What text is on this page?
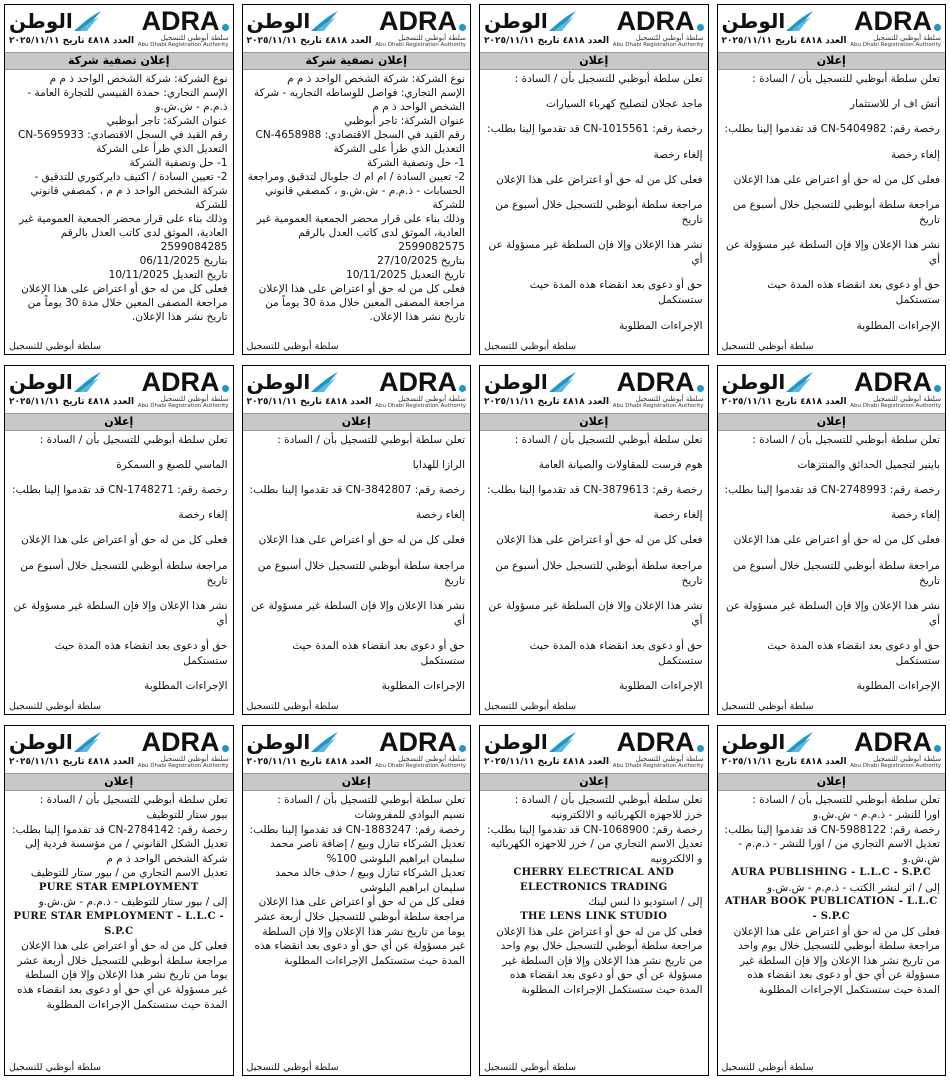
الوطن
العدد ٤٨١٨ تاريخ ٢٠٢٥/١١/١١
ADRA
سلطة أبوظبي للتسجيل
Abu Dhabi Registration Authority
إعلان تصفية شركة

نوع الشركة: شركة الشخص الواحد ذ م م

الإسم التجاري: حمدة القبيسي للتجارة العامة - ذ.م.م - ش.ش.و

عنوان الشركة: تاجر أبوظبي

رقم القيد في السجل الاقتصادي: CN-5695933

التعديل الذي طرأ على الشركة

1- حل وتصفية الشركة

2- تعيين السادة / اكتيف دايركتوري للتدقيق - شركة الشخص الواحد ذ م م ، كمصفي قانوني للشركة

وذلك بناء على قرار محضر الجمعية العمومية غير العادية، الموثق لدى كاتب العدل بالرقم 2599084285

بتاريخ 06/11/2025

تاريخ التعديل 10/11/2025

فعلى كل من له حق أو اعتراض على هذا الإعلان مراجعة المصفى المعين خلال مدة 30 يوماً من تاريخ نشر هذا الإعلان.

سلطة أبوظبي للتسجيل
الوطن
العدد ٤٨١٨ تاريخ ٢٠٢٥/١١/١١
ADRA
سلطة أبوظبي للتسجيل
Abu Dhabi Registration Authority
إعلان تصفية شركة

نوع الشركة: شركة الشخص الواحد ذ م م

الإسم التجاري: فواصل للوساطه التجاريه - شركة الشخص الواحد ذ م م

عنوان الشركة: تاجر أبوظبي

رقم القيد في السجل الاقتصادي: CN-4658988

التعديل الذي طرأ على الشركة

1- حل وتصفية الشركة

2- تعيين السادة / ام ام ك جلوبال لتدقيق ومراجعة الحسابات - ذ.م.م - ش.ش.و ، كمصفي قانوني للشركة

وذلك بناء على قرار محضر الجمعية العمومية غير العادية، الموثق لدى كاتب العدل بالرقم 2599082575

بتاريخ 27/10/2025

تاريخ التعديل 10/11/2025

فعلى كل من له حق أو اعتراض على هذا الإعلان مراجعة المصفى المعين خلال مدة 30 يوماً من تاريخ نشر هذا الإعلان.

سلطة أبوظبي للتسجيل
الوطن
العدد ٤٨١٨ تاريخ ٢٠٢٥/١١/١١
ADRA
سلطة أبوظبي للتسجيل
Abu Dhabi Registration Authority
إعلان

تعلن سلطة أبوظبي للتسجيل بأن / السادة :

ماجد عجلان لتصليح كهرباء السيارات

رخصة رقم: CN-1015561 قد تقدموا إلينا بطلب:

إلغاء رخصة

فعلى كل من له حق أو اعتراض على هذا الإعلان

مراجعة سلطة أبوظبي للتسجيل خلال أسبوع من تاريخ

نشر هذا الإعلان وإلا فإن السلطة غير مسؤولة عن أي

حق أو دعوى بعد انقضاء هذه المدة حيث ستستكمل

الإجراءات المطلوبة

سلطة أبوظبي للتسجيل
الوطن
العدد ٤٨١٨ تاريخ ٢٠٢٥/١١/١١
ADRA
سلطة أبوظبي للتسجيل
Abu Dhabi Registration Authority
إعلان

تعلن سلطة أبوظبي للتسجيل بأن / السادة :

أتش اف ار للاستثمار

رخصة رقم: CN-5404982 قد تقدموا إلينا بطلب:

إلغاء رخصة

فعلى كل من له حق أو اعتراض على هذا الإعلان

مراجعة سلطة أبوظبي للتسجيل خلال أسبوع من تاريخ

نشر هذا الإعلان وإلا فإن السلطة غير مسؤولة عن أي

حق أو دعوى بعد انقضاء هذه المدة حيث ستستكمل

الإجراءات المطلوبة

سلطة أبوظبي للتسجيل
الوطن
العدد ٤٨١٨ تاريخ ٢٠٢٥/١١/١١
ADRA
سلطة أبوظبي للتسجيل
Abu Dhabi Registration Authority
إعلان

تعلن سلطة أبوظبي للتسجيل بأن / السادة :

الماسي للصبغ و السمكرة

رخصة رقم: CN-1748271 قد تقدموا إلينا بطلب:

إلغاء رخصة

فعلى كل من له حق أو اعتراض على هذا الإعلان

مراجعة سلطة أبوظبي للتسجيل خلال أسبوع من تاريخ

نشر هذا الإعلان وإلا فإن السلطة غير مسؤولة عن أي

حق أو دعوى بعد انقضاء هذه المدة حيث ستستكمل

الإجراءات المطلوبة

سلطة أبوظبي للتسجيل
الوطن
العدد ٤٨١٨ تاريخ ٢٠٢٥/١١/١١
ADRA
سلطة أبوظبي للتسجيل
Abu Dhabi Registration Authority
إعلان

تعلن سلطة أبوظبي للتسجيل بأن / السادة :

الرازا للهدايا

رخصة رقم: CN-3842807 قد تقدموا إلينا بطلب:

إلغاء رخصة

فعلى كل من له حق أو اعتراض على هذا الإعلان

مراجعة سلطة أبوظبي للتسجيل خلال أسبوع من تاريخ

نشر هذا الإعلان وإلا فإن السلطة غير مسؤولة عن أي

حق أو دعوى بعد انقضاء هذه المدة حيث ستستكمل

الإجراءات المطلوبة

سلطة أبوظبي للتسجيل
الوطن
العدد ٤٨١٨ تاريخ ٢٠٢٥/١١/١١
ADRA
سلطة أبوظبي للتسجيل
Abu Dhabi Registration Authority
إعلان

تعلن سلطة أبوظبي للتسجيل بأن / السادة :

هوم فرست للمقاولات والصيانة العامة

رخصة رقم: CN-3879613 قد تقدموا إلينا بطلب:

إلغاء رخصة

فعلى كل من له حق أو اعتراض على هذا الإعلان

مراجعة سلطة أبوظبي للتسجيل خلال أسبوع من تاريخ

نشر هذا الإعلان وإلا فإن السلطة غير مسؤولة عن أي

حق أو دعوى بعد انقضاء هذه المدة حيث ستستكمل

الإجراءات المطلوبة

سلطة أبوظبي للتسجيل
الوطن
العدد ٤٨١٨ تاريخ ٢٠٢٥/١١/١١
ADRA
سلطة أبوظبي للتسجيل
Abu Dhabi Registration Authority
إعلان

تعلن سلطة أبوظبي للتسجيل بأن / السادة :

باينير لتجميل الحدائق والمنتزهات

رخصة رقم: CN-2748993 قد تقدموا إلينا بطلب:

إلغاء رخصة

فعلى كل من له حق أو اعتراض على هذا الإعلان

مراجعة سلطة أبوظبي للتسجيل خلال أسبوع من تاريخ

نشر هذا الإعلان وإلا فإن السلطة غير مسؤولة عن أي

حق أو دعوى بعد انقضاء هذه المدة حيث ستستكمل

الإجراءات المطلوبة

سلطة أبوظبي للتسجيل
الوطن
العدد ٤٨١٨ تاريخ ٢٠٢٥/١١/١١
ADRA
سلطة أبوظبي للتسجيل
Abu Dhabi Registration Authority
إعلان

تعلن سلطة أبوظبي للتسجيل بأن / السادة :

بيور ستار للتوظيف

رخصة رقم: CN-2784142 قد تقدموا إلينا بطلب:

تعديل الشكل القانوني / من مؤسسة فردية إلى شركة الشخص الواحد ذ م م

تعديل الاسم التجاري من / بيور ستار للتوظيف

PURE STAR EMPLOYMENT

إلى / بيور ستار للتوظيف - ذ.م.م - ش.ش.و

PURE STAR EMPLOYMENT - L.L.C - S.P.C

فعلى كل من له حق أو اعتراض على هذا الإعلان مراجعة سلطة أبوظبي للتسجيل خلال أربعة عشر يوما من تاريخ نشر هذا الإعلان وإلا فإن السلطة غير مسؤولة عن أي حق أو دعوى بعد انقضاء هذه المدة حيث ستستكمل الإجراءات المطلوبة

سلطة أبوظبي للتسجيل
الوطن
العدد ٤٨١٨ تاريخ ٢٠٢٥/١١/١١
ADRA
سلطة أبوظبي للتسجيل
Abu Dhabi Registration Authority
إعلان

تعلن سلطة أبوظبي للتسجيل بأن / السادة :

نسيم البوادي للمفروشات

رخصة رقم: CN-1883247 قد تقدموا إلينا بطلب:

تعديل الشركاء تنازل وبيع / إضافة ناصر محمد سليمان ابراهيم البلوشى 100%

تعديل الشركاء تنازل وبيع / حذف خالد محمد سليمان ابراهيم البلوشى

فعلى كل من له حق أو اعتراض على هذا الإعلان مراجعة سلطة أبوظبي للتسجيل خلال أربعة عشر يوما من تاريخ نشر هذا الإعلان وإلا فإن السلطة غير مسؤولة عن أي حق أو دعوى بعد انقضاء هذه المدة حيث ستستكمل الإجراءات المطلوبة

سلطة أبوظبي للتسجيل
الوطن
العدد ٤٨١٨ تاريخ ٢٠٢٥/١١/١١
ADRA
سلطة أبوظبي للتسجيل
Abu Dhabi Registration Authority
إعلان

تعلن سلطة أبوظبي للتسجيل بأن / السادة :

خرز للاجهزه الكهربائيه و الالكترونيه

رخصة رقم: CN-1068900 قد تقدموا إلينا بطلب:

تعديل الاسم التجاري من / خرز للاجهزه الكهربائيه و الالكترونيه

CHERRY ELECTRICAL AND ELECTRONICS TRADING

إلى / استوديو ذا لنس لينك

THE LENS LINK STUDIO

فعلى كل من له حق أو اعتراض على هذا الإعلان مراجعة سلطة أبوظبي للتسجيل خلال يوم واحد من تاريخ نشر هذا الإعلان وإلا فإن السلطة غير مسؤولة عن أي حق أو دعوى بعد انقضاء هذه المدة حيث ستستكمل الإجراءات المطلوبة

سلطة أبوظبي للتسجيل
الوطن
العدد ٤٨١٨ تاريخ ٢٠٢٥/١١/١١
ADRA
سلطة أبوظبي للتسجيل
Abu Dhabi Registration Authority
إعلان

تعلن سلطة أبوظبي للتسجيل بأن / السادة :

اورا للنشر - ذ.م.م - ش.ش.و

رخصة رقم: CN-5988122 قد تقدموا إلينا بطلب:

تعديل الاسم التجاري من / اورا للنشر - ذ.م.م - ش.ش.و

AURA PUBLISHING - L.L.C - S.P.C

إلى / اثر لنشر الكتب - ذ.م.م - ش.ش.و

ATHAR BOOK PUBLICATION - L.L.C - S.P.C

فعلى كل من له حق أو اعتراض على هذا الإعلان مراجعة سلطة أبوظبي للتسجيل خلال يوم واحد من تاريخ نشر هذا الإعلان وإلا فإن السلطة غير مسؤولة عن أي حق أو دعوى بعد انقضاء هذه المدة حيث ستستكمل الإجراءات المطلوبة

سلطة أبوظبي للتسجيل
